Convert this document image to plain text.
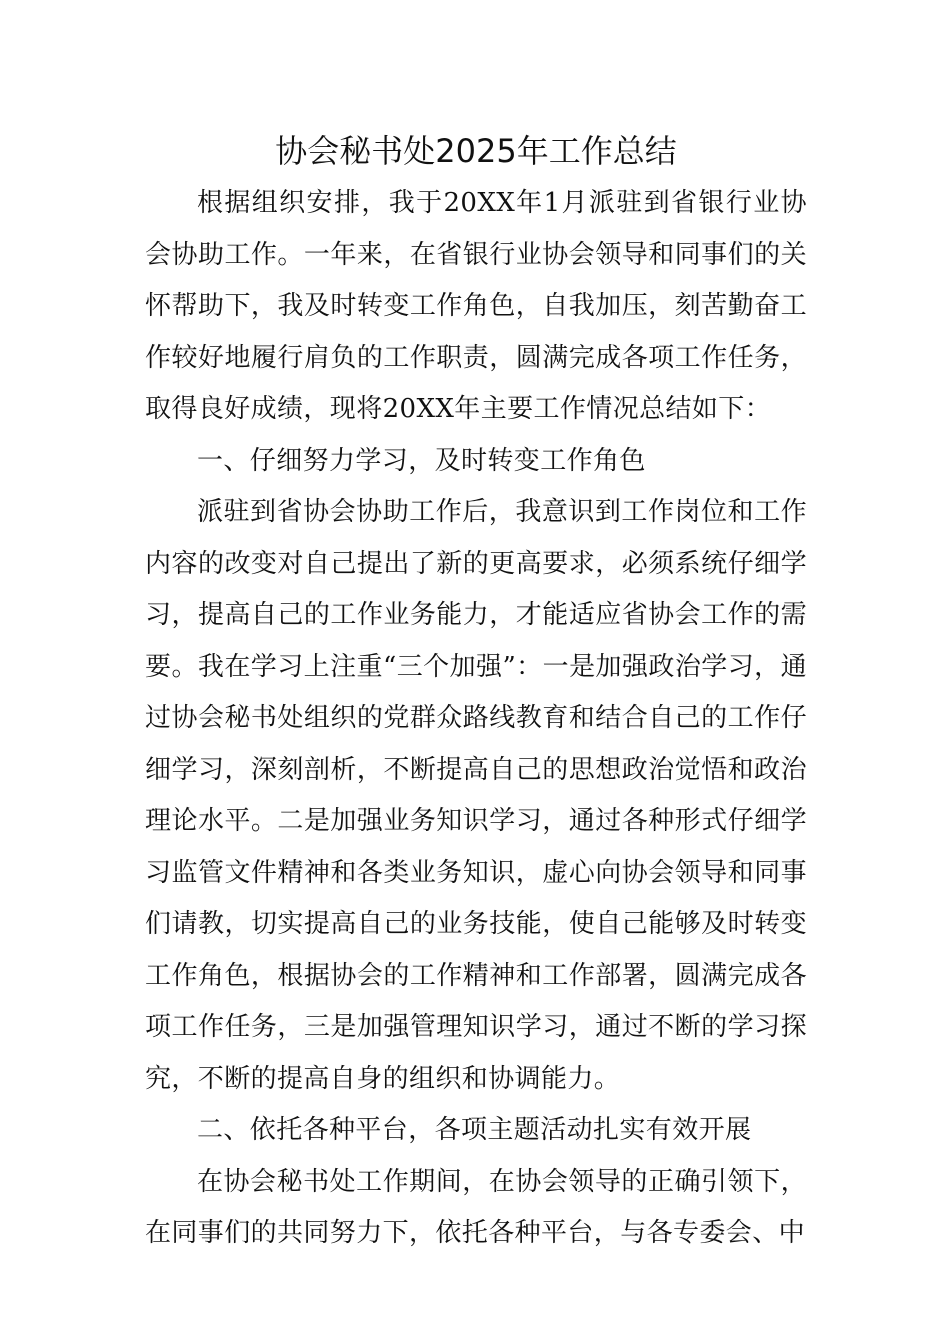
协会秘书处2025年工作总结

根据组织安排，我于20XX年1月派驻到省银行业协会协助工作。一年来，在省银行业协会领导和同事们的关怀帮助下，我及时转变工作角色，自我加压，刻苦勤奋工作较好地履行肩负的工作职责，圆满完成各项工作任务，取得良好成绩，现将20XX年主要工作情况总结如下：

一、仔细努力学习，及时转变工作角色

派驻到省协会协助工作后，我意识到工作岗位和工作内容的改变对自己提出了新的更高要求，必须系统仔细学习，提高自己的工作业务能力，才能适应省协会工作的需要。我在学习上注重“三个加强”：一是加强政治学习，通过协会秘书处组织的党群众路线教育和结合自己的工作仔细学习，深刻剖析，不断提高自己的思想政治觉悟和政治理论水平。二是加强业务知识学习，通过各种形式仔细学习监管文件精神和各类业务知识，虚心向协会领导和同事们请教，切实提高自己的业务技能，使自己能够及时转变工作角色，根据协会的工作精神和工作部署，圆满完成各项工作任务，三是加强管理知识学习，通过不断的学习探究，不断的提高自身的组织和协调能力。

二、依托各种平台，各项主题活动扎实有效开展

在协会秘书处工作期间，在协会领导的正确引领下，在同事们的共同努力下，依托各种平台，与各专委会、中
